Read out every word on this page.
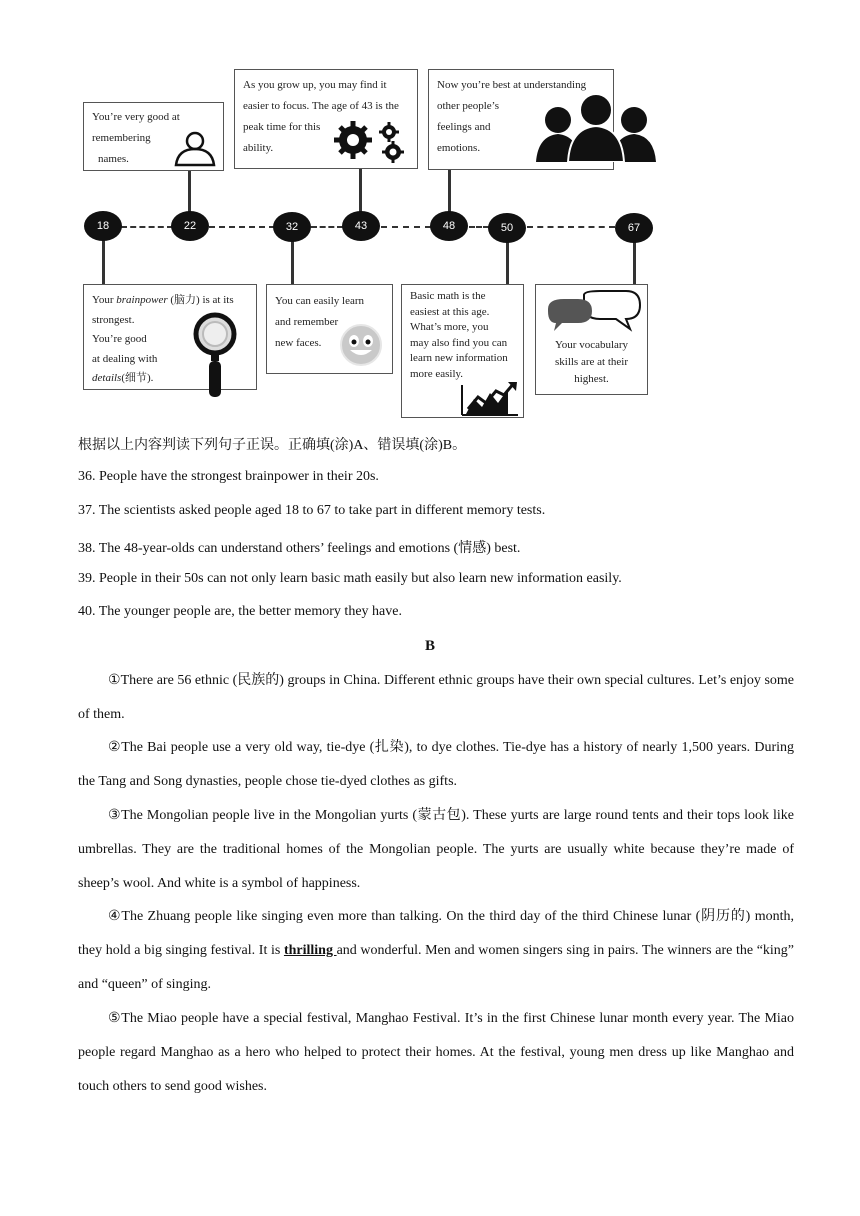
18	22	32	43	48	50	67
You’re very good at
remembering
names.
As you grow up, you may find it
easier to focus. The age of 43 is the
peak time for this
ability.
Now you’re best at understanding
other people’s
feelings and
emotions.
Your brainpower (脑力) is at its
strongest.
You’re good
at dealing with
details(细节).
You can easily learn
and remember
new faces.
Basic math is the
easiest at this age.
What’s more, you
may also find you can
learn new information
more easily.
Your vocabulary
skills are at their
highest.
根据以上内容判读下列句子正误。正确填(涂)A、错误填(涂)B。
36. People have the strongest brainpower in their 20s.
37. The scientists asked people aged 18 to 67 to take part in different memory tests.
38. The 48-year-olds can understand others’ feelings and emotions (情感) best.
39. People in their 50s can not only learn basic math easily but also learn new information easily.
40. The younger people are, the better memory they have.
B
①There are 56 ethnic (民族的) groups in China. Different ethnic groups have their own special cultures. Let’s enjoy some of them.
②The Bai people use a very old way, tie-dye (扎染), to dye clothes. Tie-dye has a history of nearly 1,500 years. During the Tang and Song dynasties, people chose tie-dyed clothes as gifts.
③The Mongolian people live in the Mongolian yurts (蒙古包). These yurts are large round tents and their tops look like umbrellas. They are the traditional homes of the Mongolian people. The yurts are usually white because they’re made of sheep’s wool. And white is a symbol of happiness.
④The Zhuang people like singing even more than talking. On the third day of the third Chinese lunar (阴历的) month, they hold a big singing festival. It is thrilling and wonderful. Men and women singers sing in pairs. The winners are the “king” and “queen” of singing.
⑤The Miao people have a special festival, Manghao Festival. It’s in the first Chinese lunar month every year. The Miao people regard Manghao as a hero who helped to protect their homes. At the festival, young men dress up like Manghao and touch others to send good wishes.
